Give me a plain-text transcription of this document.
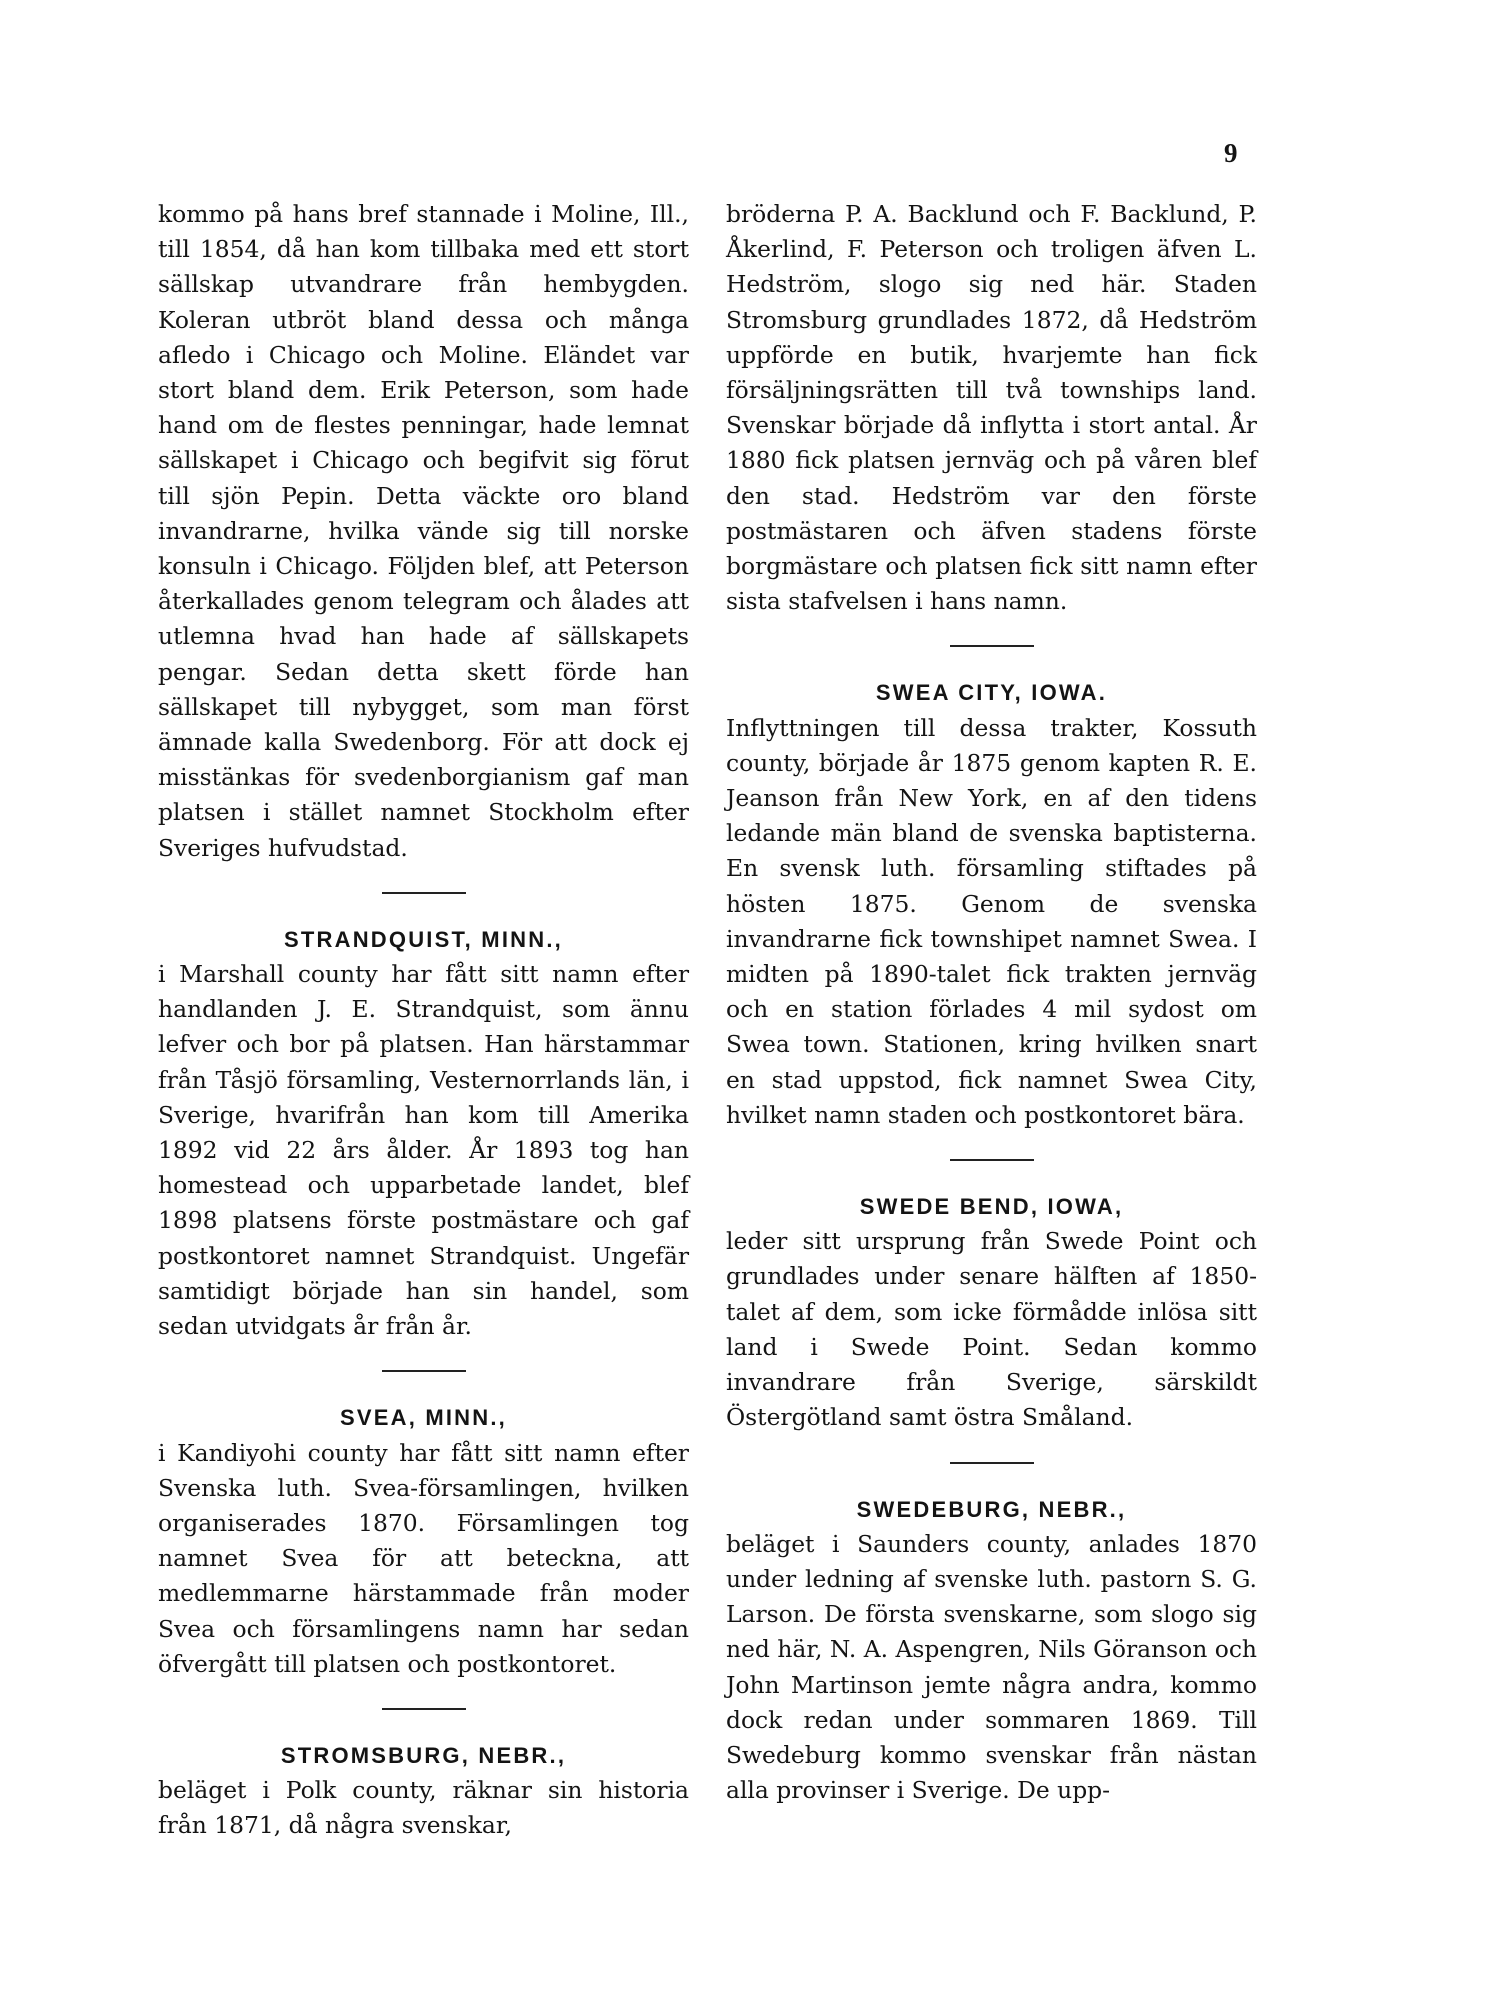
9

kommo på hans bref stannade i Moline, Ill., till 1854, då han kom tillbaka med ett stort sällskap utvandrare från hembygden. Koleran utbröt bland dessa och många afledo i Chicago och Moline. Eländet var stort bland dem. Erik Peterson, som hade hand om de flestes penningar, hade lemnat sällskapet i Chicago och begifvit sig förut till sjön Pepin. Detta väckte oro bland invandrarne, hvilka vände sig till norske konsuln i Chicago. Följden blef, att Peterson återkallades genom telegram och ålades att utlemna hvad han hade af sällskapets pengar. Sedan detta skett förde han sällskapet till nybygget, som man först ämnade kalla Swedenborg. För att dock ej misstänkas för svedenborgianism gaf man platsen i stället namnet Stockholm efter Sveriges hufvudstad.

STRANDQUIST, MINN.,

i Marshall county har fått sitt namn efter handlanden J. E. Strandquist, som ännu lefver och bor på platsen. Han härstammar från Tåsjö församling, Vesternorrlands län, i Sverige, hvarifrån han kom till Amerika 1892 vid 22 års ålder. År 1893 tog han homestead och upparbetade landet, blef 1898 platsens förste postmästare och gaf postkontoret namnet Strandquist. Ungefär samtidigt började han sin handel, som sedan utvidgats år från år.

SVEA, MINN.,

i Kandiyohi county har fått sitt namn efter Svenska luth. Svea-församlingen, hvilken organiserades 1870. Församlingen tog namnet Svea för att beteckna, att medlemmarne härstammade från moder Svea och församlingens namn har sedan öfvergått till platsen och postkontoret.

STROMSBURG, NEBR.,

beläget i Polk county, räknar sin historia från 1871, då några svenskar,

bröderna P. A. Backlund och F. Backlund, P. Åkerlind, F. Peterson och troligen äfven L. Hedström, slogo sig ned här. Staden Stromsburg grundlades 1872, då Hedström uppförde en butik, hvarjemte han fick försäljningsrätten till två townships land. Svenskar började då inflytta i stort antal. År 1880 fick platsen jernväg och på våren blef den stad. Hedström var den förste postmästaren och äfven stadens förste borgmästare och platsen fick sitt namn efter sista stafvelsen i hans namn.

SWEA CITY, IOWA.

Inflyttningen till dessa trakter, Kossuth county, började år 1875 genom kapten R. E. Jeanson från New York, en af den tidens ledande män bland de svenska baptisterna. En svensk luth. församling stiftades på hösten 1875. Genom de svenska invandrarne fick townshipet namnet Swea. I midten på 1890-talet fick trakten jernväg och en station förlades 4 mil sydost om Swea town. Stationen, kring hvilken snart en stad uppstod, fick namnet Swea City, hvilket namn staden och postkontoret bära.

SWEDE BEND, IOWA,

leder sitt ursprung från Swede Point och grundlades under senare hälften af 1850-talet af dem, som icke förmådde inlösa sitt land i Swede Point. Sedan kommo invandrare från Sverige, särskildt Östergötland samt östra Småland.

SWEDEBURG, NEBR.,

beläget i Saunders county, anlades 1870 under ledning af svenske luth. pastorn S. G. Larson. De första svenskarne, som slogo sig ned här, N. A. Aspengren, Nils Göranson och John Martinson jemte några andra, kommo dock redan under sommaren 1869. Till Swedeburg kommo svenskar från nästan alla provinser i Sverige. De upp-
